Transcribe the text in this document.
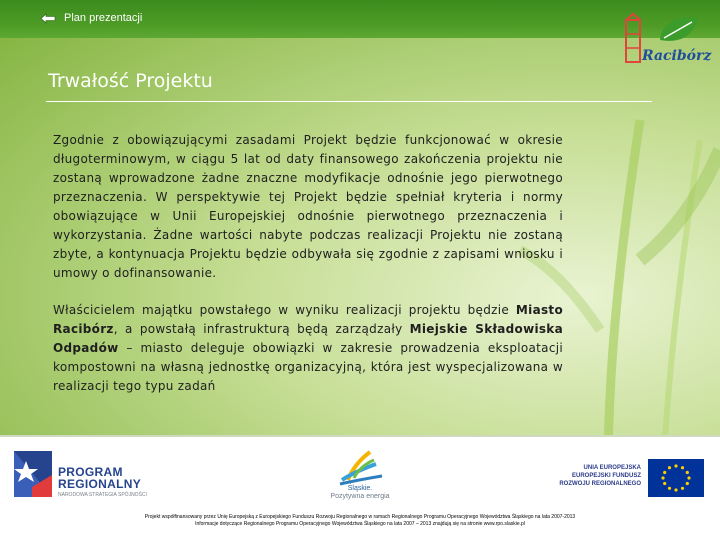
Plan prezentacji
Racibórz
Trwałość Projektu

Zgodnie z obowiązującymi zasadami Projekt będzie funkcjonować w okresie długoterminowym, w ciągu 5 lat od daty finansowego zakończenia projektu nie zostaną wprowadzone żadne znaczne modyfikacje odnośnie jego pierwotnego przeznaczenia. W perspektywie tej Projekt będzie spełniał kryteria i normy obowiązujące w Unii Europejskiej odnośnie pierwotnego przeznaczenia i wykorzystania. Żadne wartości nabyte podczas realizacji Projektu nie zostaną zbyte, a kontynuacja Projektu będzie odbywała się zgodnie z zapisami wniosku i umowy o dofinansowanie.

Właścicielem majątku powstałego w wyniku realizacji projektu będzie Miasto Racibórz, a powstałą infrastrukturą będą zarządzały Miejskie Składowiska Odpadów – miasto deleguje obowiązki w zakresie prowadzenia eksploatacji kompostowni na własną jednostkę organizacyjną, która jest wyspecjalizowana w realizacji tego typu zadań

PROGRAM
REGIONALNY
NARODOWA STRATEGIA SPÓJNOŚCI
Śląskie.
Pozytywna energia
UNIA EUROPEJSKA
EUROPEJSKI FUNDUSZ
ROZWOJU REGIONALNEGO
Projekt współfinansowany przez Unię Europejską z Europejskiego Funduszu Rozwoju Regionalnego w ramach Regionalnego Programu Operacyjnego Województwa Śląskiego na lata 2007-2013
Informacje dotyczące Regionalnego Programu Operacyjnego Województwa Śląskiego na lata 2007 – 2013 znajdują się na stronie www.rpo.slaskie.pl
